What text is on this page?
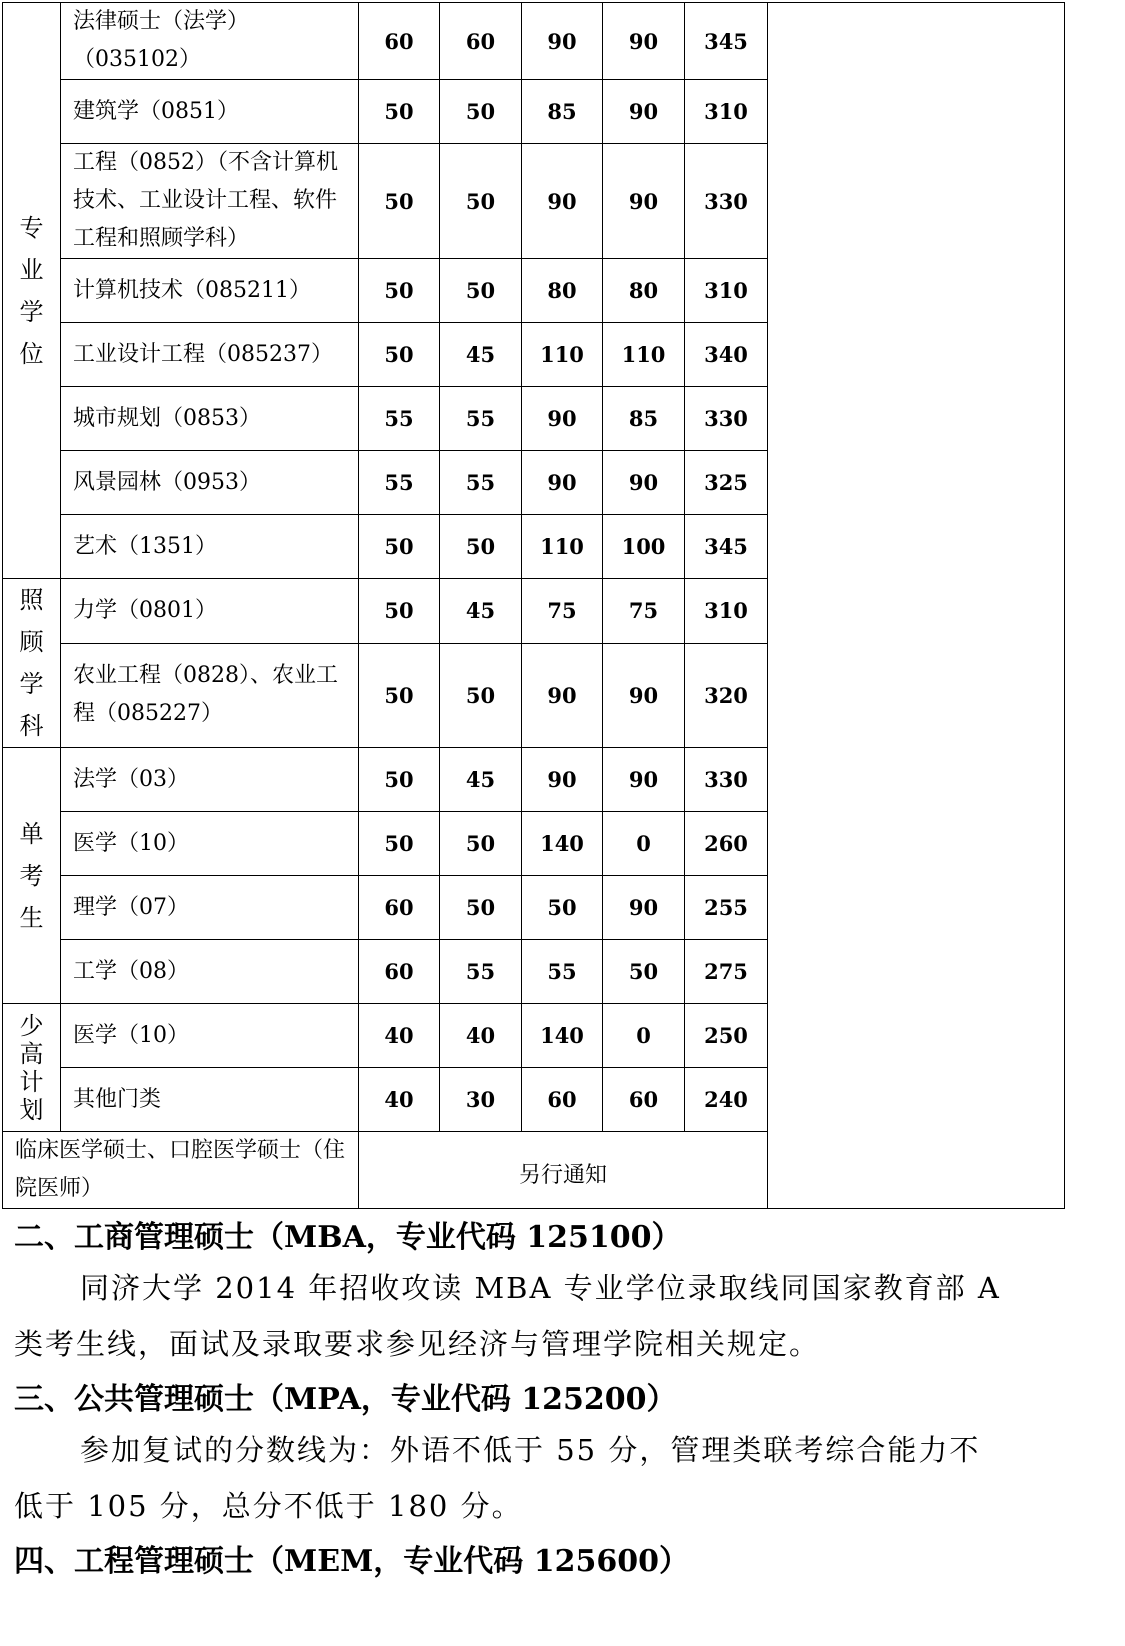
专业学位	法律硕士（法学）（035102）	60	60	90	90	345	
	建筑学（0851）	50	50	85	90	310	
	工程（0852）（不含计算机技术、工业设计工程、软件工程和照顾学科）	50	50	90	90	330	
	计算机技术（085211）	50	50	80	80	310	
	工业设计工程（085237）	50	45	110	110	340	
	城市规划（0853）	55	55	90	85	330	
	风景园林（0953）	55	55	90	90	325	
	艺术（1351）	50	50	110	100	345	

照顾学科	力学（0801）	50	45	75	75	310	
	农业工程（0828）、农业工程（085227）	50	50	90	90	320	

单考生	法学（03）	50	45	90	90	330	
	医学（10）	50	50	140	0	260	
	理学（07）	60	50	50	90	255	
	工学（08）	60	55	55	50	275	

少高计划	医学（10）	40	40	140	0	250	
	其他门类	40	30	60	60	240	
临床医学硕士、口腔医学硕士（住院医师）		另行通知					
二、工商管理硕士（MBA，专业代码 125100）
同济大学 2014 年招收攻读 MBA 专业学位录取线同国家教育部 A
类考生线，面试及录取要求参见经济与管理学院相关规定。
三、公共管理硕士（MPA，专业代码 125200）
参加复试的分数线为：外语不低于 55 分，管理类联考综合能力不
低于 105 分，总分不低于 180 分。
四、工程管理硕士（MEM，专业代码 125600）
